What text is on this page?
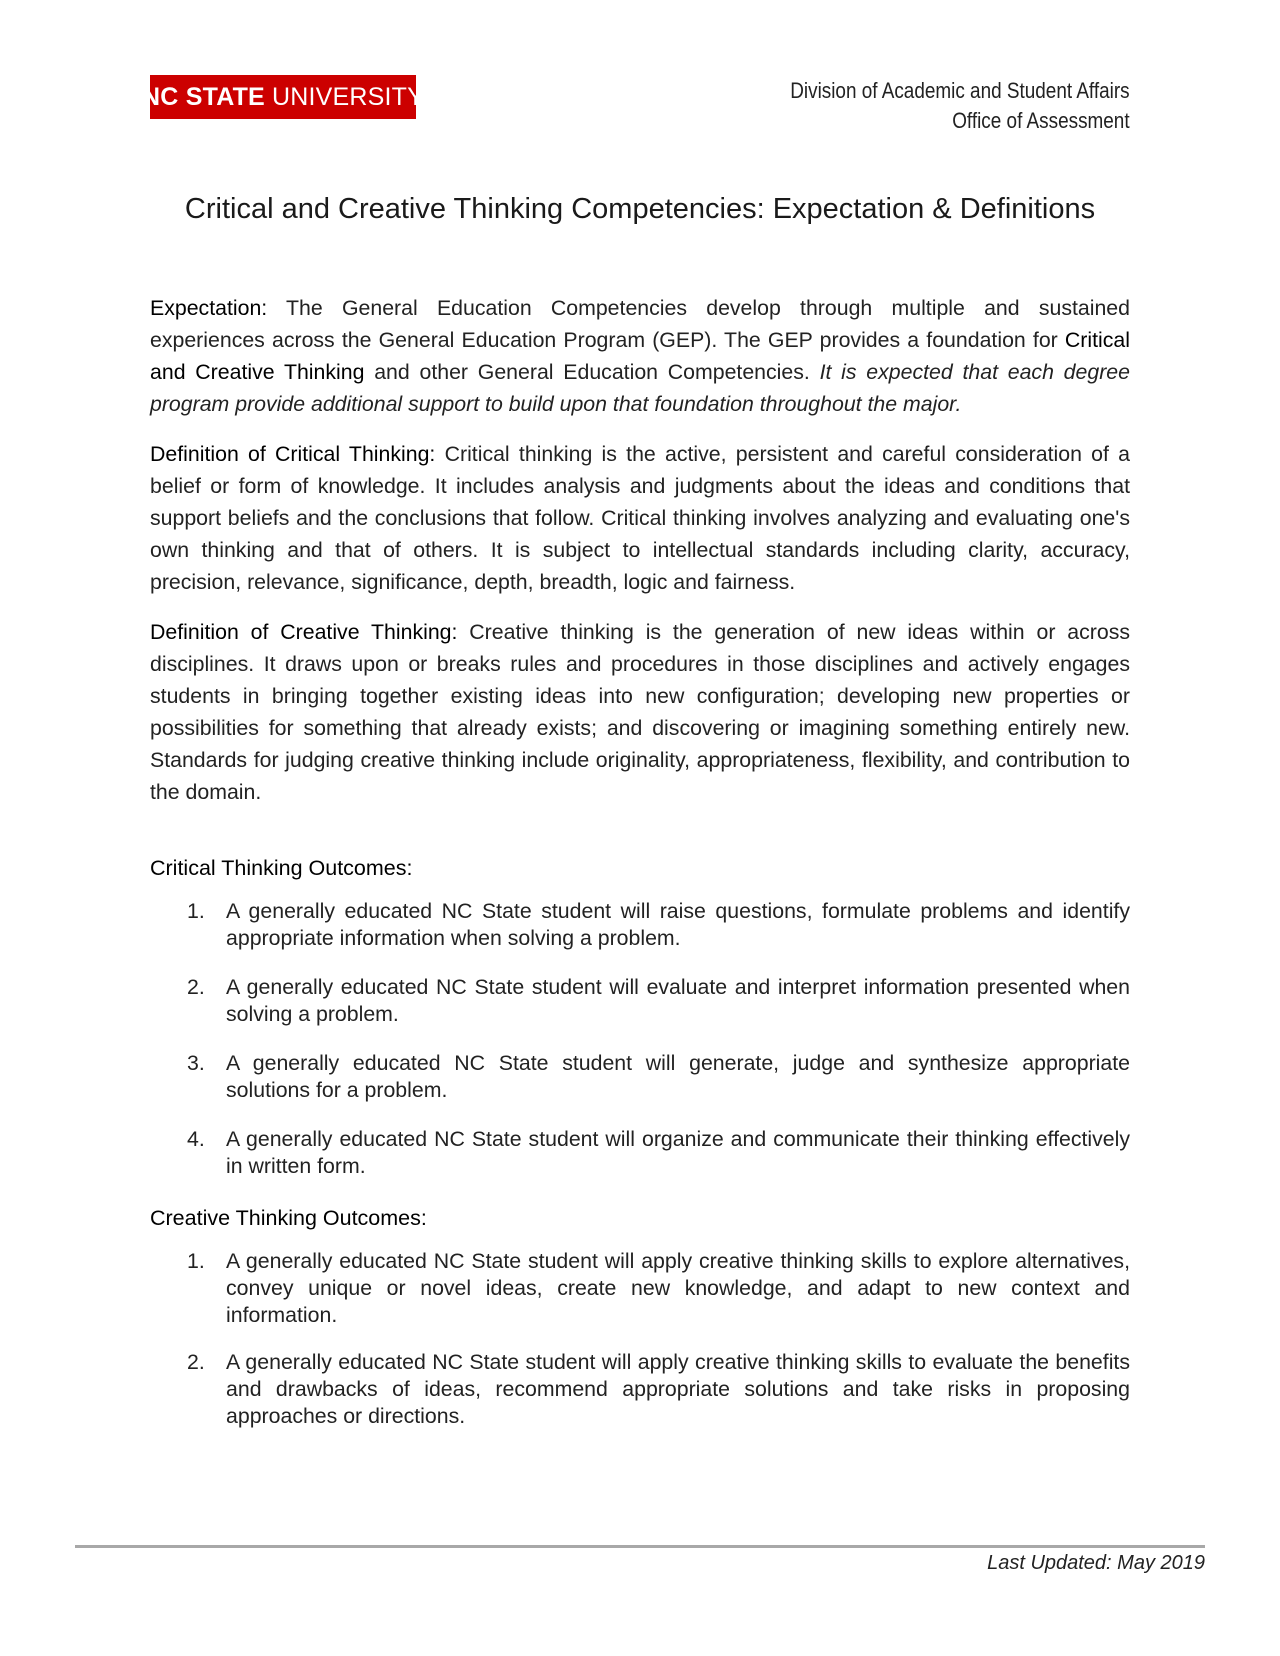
NC STATE UNIVERSITY	Division of Academic and Student Affairs
Office of Assessment
Critical and Creative Thinking Competencies: Expectation & Definitions

Expectation: The General Education Competencies develop through multiple and sustained experiences across the General Education Program (GEP). The GEP provides a foundation for Critical and Creative Thinking and other General Education Competencies. It is expected that each degree program provide additional support to build upon that foundation throughout the major.

Definition of Critical Thinking: Critical thinking is the active, persistent and careful consideration of a belief or form of knowledge. It includes analysis and judgments about the ideas and conditions that support beliefs and the conclusions that follow. Critical thinking involves analyzing and evaluating one's own thinking and that of others. It is subject to intellectual standards including clarity, accuracy, precision, relevance, significance, depth, breadth, logic and fairness.

Definition of Creative Thinking: Creative thinking is the generation of new ideas within or across disciplines. It draws upon or breaks rules and procedures in those disciplines and actively engages students in bringing together existing ideas into new configuration; developing new properties or possibilities for something that already exists; and discovering or imagining something entirely new. Standards for judging creative thinking include originality, appropriateness, flexibility, and contribution to the domain.

Critical Thinking Outcomes:
1. A generally educated NC State student will raise questions, formulate problems and identify appropriate information when solving a problem.
2. A generally educated NC State student will evaluate and interpret information presented when solving a problem.
3. A generally educated NC State student will generate, judge and synthesize appropriate solutions for a problem.
4. A generally educated NC State student will organize and communicate their thinking effectively in written form.
Creative Thinking Outcomes:
1. A generally educated NC State student will apply creative thinking skills to explore alternatives, convey unique or novel ideas, create new knowledge, and adapt to new context and information.
2. A generally educated NC State student will apply creative thinking skills to evaluate the benefits and drawbacks of ideas, recommend appropriate solutions and take risks in proposing approaches or directions.
Last Updated: May 2019
